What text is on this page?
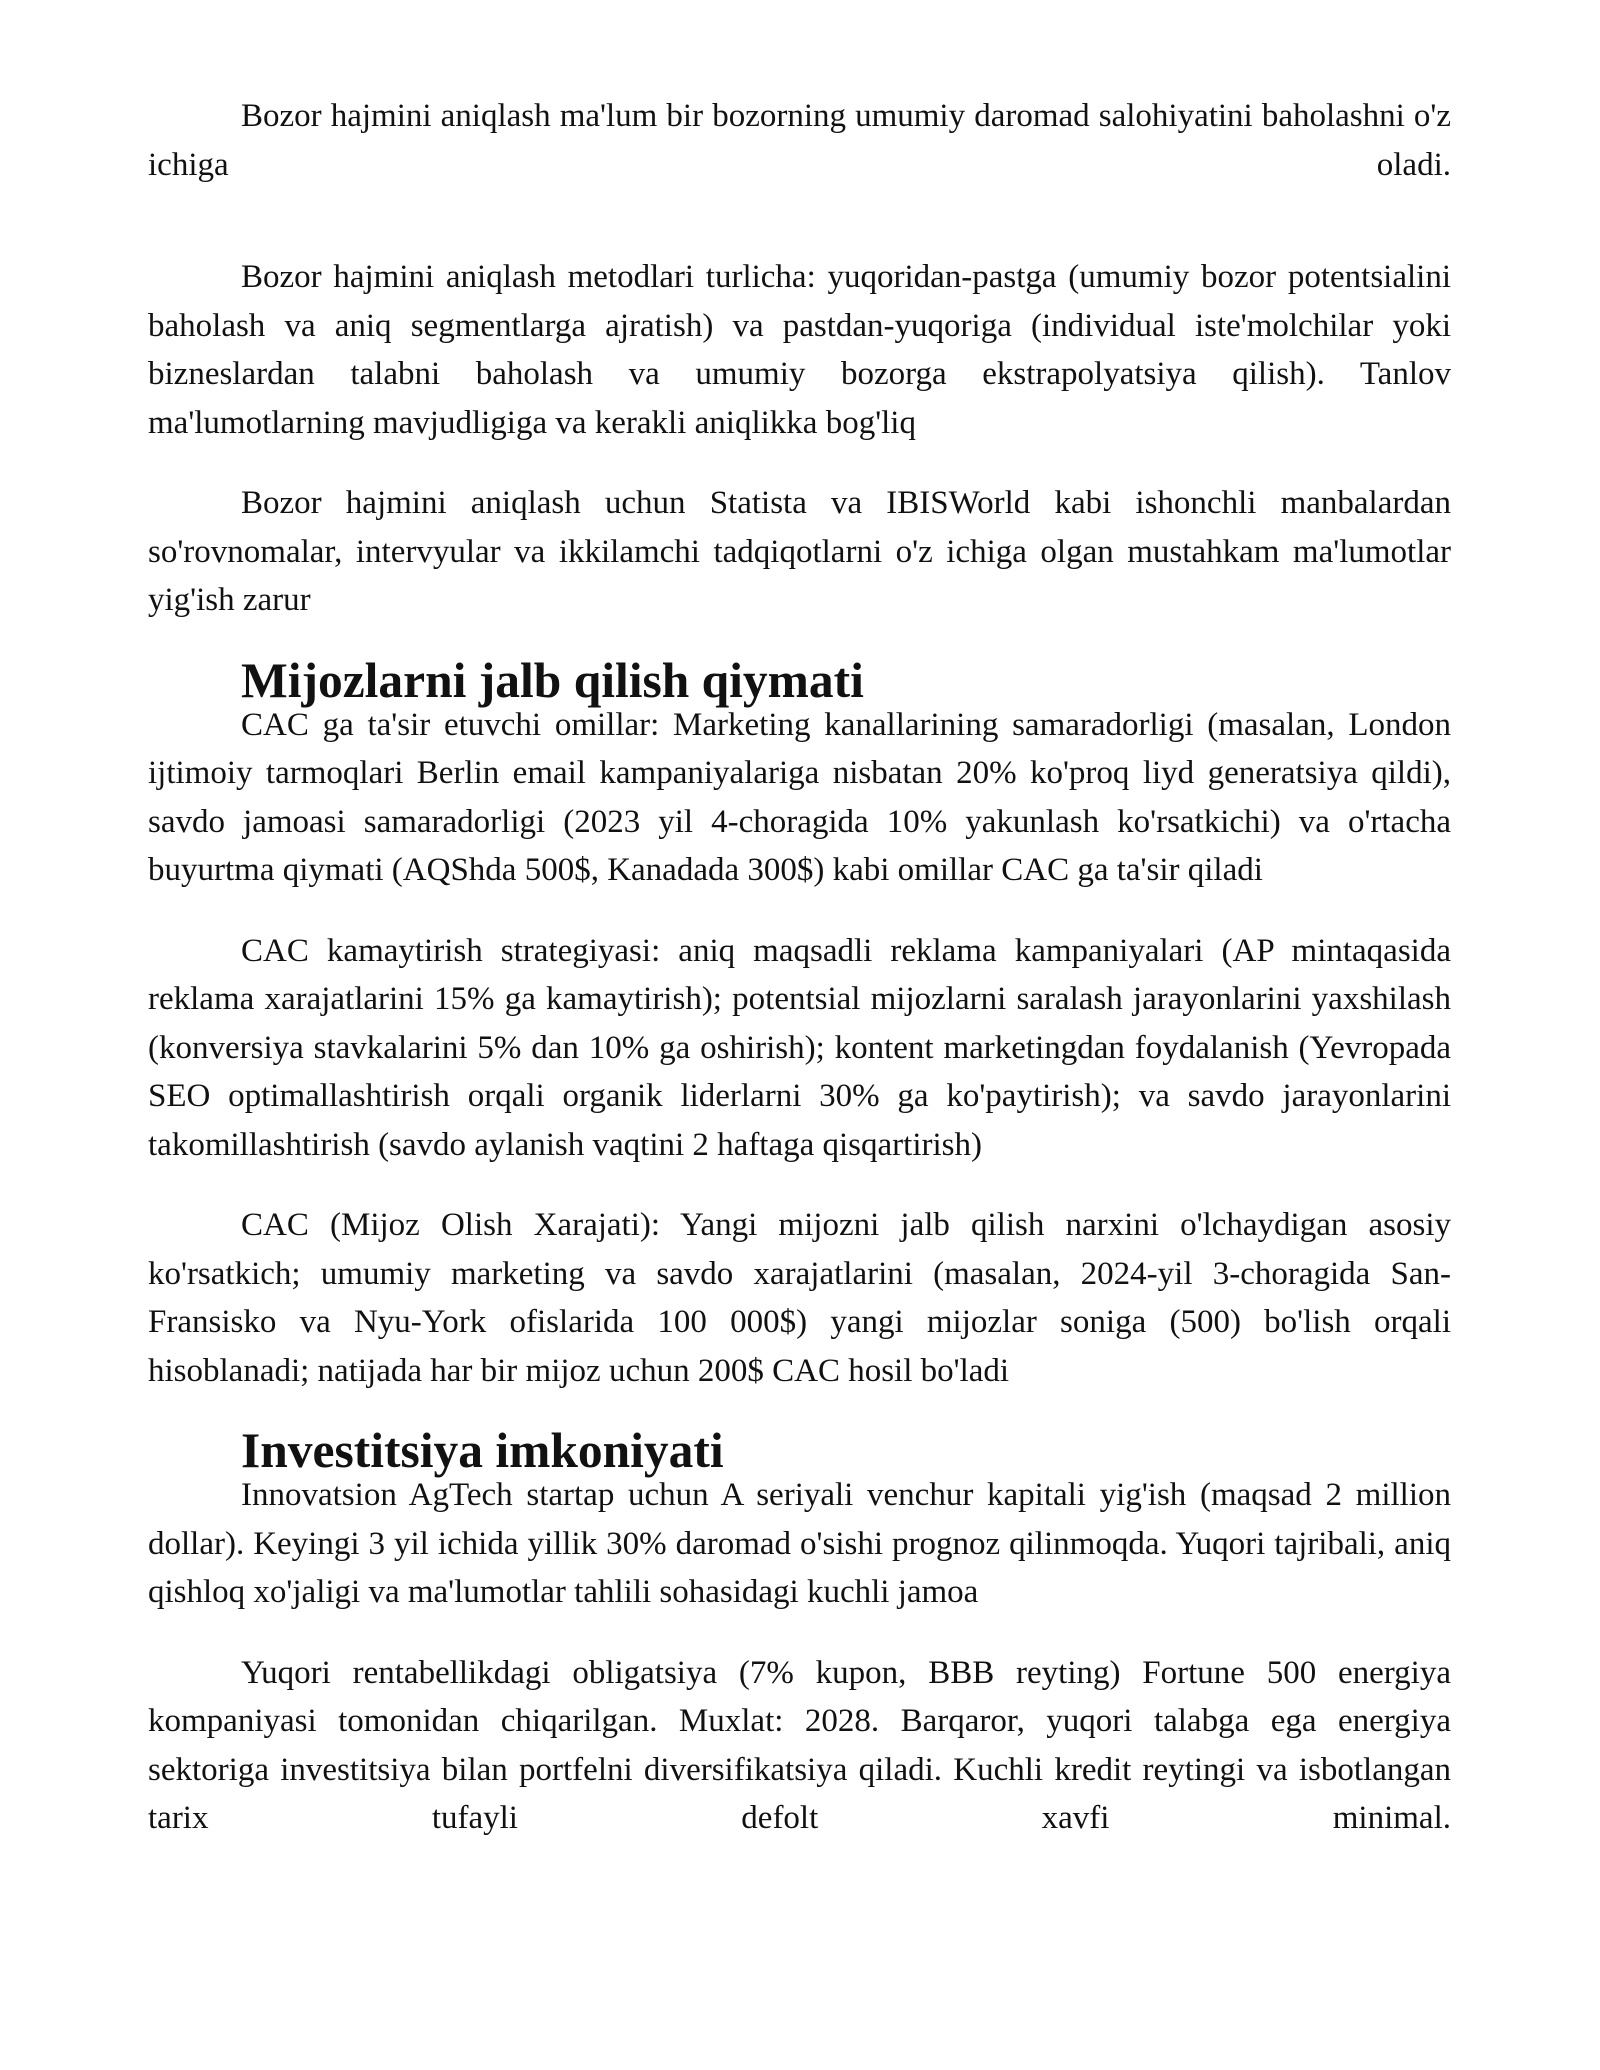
Bozor hajmini aniqlash ma'lum bir bozorning umumiy daromad salohiyatini baholashni o'z ichiga oladi.

Bozor hajmini aniqlash metodlari turlicha: yuqoridan-pastga (umumiy bozor potentsialini baholash va aniq segmentlarga ajratish) va pastdan-yuqoriga (individual iste'molchilar yoki bizneslardan talabni baholash va umumiy bozorga ekstrapolyatsiya qilish). Tanlov ma'lumotlarning mavjudligiga va kerakli aniqlikka bog'liq

Bozor hajmini aniqlash uchun Statista va IBISWorld kabi ishonchli manbalardan so'rovnomalar, intervyular va ikkilamchi tadqiqotlarni o'z ichiga olgan mustahkam ma'lumotlar yig'ish zarur

Mijozlarni jalb qilish qiymati

CAC ga ta'sir etuvchi omillar: Marketing kanallarining samaradorligi (masalan, London ijtimoiy tarmoqlari Berlin email kampaniyalariga nisbatan 20% ko'proq liyd generatsiya qildi), savdo jamoasi samaradorligi (2023 yil 4-choragida 10% yakunlash ko'rsatkichi) va o'rtacha buyurtma qiymati (AQShda 500$, Kanadada 300$) kabi omillar CAC ga ta'sir qiladi

CAC kamaytirish strategiyasi: aniq maqsadli reklama kampaniyalari (AP mintaqasida reklama xarajatlarini 15% ga kamaytirish); potentsial mijozlarni saralash jarayonlarini yaxshilash (konversiya stavkalarini 5% dan 10% ga oshirish); kontent marketingdan foydalanish (Yevropada SEO optimallashtirish orqali organik liderlarni 30% ga ko'paytirish); va savdo jarayonlarini takomillashtirish (savdo aylanish vaqtini 2 haftaga qisqartirish)

CAC (Mijoz Olish Xarajati): Yangi mijozni jalb qilish narxini o'lchaydigan asosiy ko'rsatkich; umumiy marketing va savdo xarajatlarini (masalan, 2024-yil 3-choragida San-Fransisko va Nyu-York ofislarida 100 000$) yangi mijozlar soniga (500) bo'lish orqali hisoblanadi; natijada har bir mijoz uchun 200$ CAC hosil bo'ladi

Investitsiya imkoniyati

Innovatsion AgTech startap uchun A seriyali venchur kapitali yig'ish (maqsad 2 million dollar). Keyingi 3 yil ichida yillik 30% daromad o'sishi prognoz qilinmoqda. Yuqori tajribali, aniq qishloq xo'jaligi va ma'lumotlar tahlili sohasidagi kuchli jamoa

Yuqori rentabellikdagi obligatsiya (7% kupon, BBB reyting) Fortune 500 energiya kompaniyasi tomonidan chiqarilgan. Muxlat: 2028. Barqaror, yuqori talabga ega energiya sektoriga investitsiya bilan portfelni diversifikatsiya qiladi. Kuchli kredit reytingi va isbotlangan tarix tufayli defolt xavfi minimal.
